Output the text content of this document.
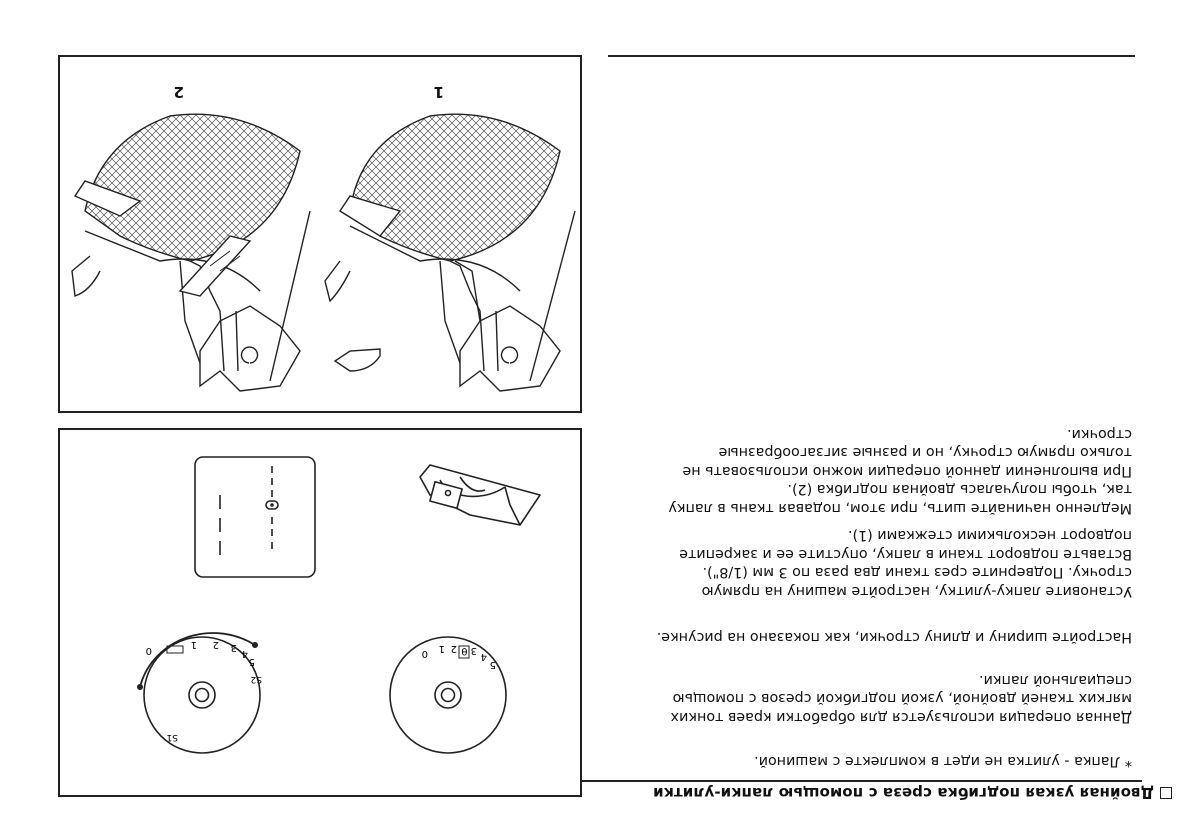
Двойная узкая подгибка среза с помощью лапки-улитки
* Лапка - улитка не идет в комплекте с машиной.
Данная операция используется для обработки краев тонких
мягких тканей двойной, узкой подгибкой срезов с помощью
специальной лапки.
Настройте ширину и длину строчки, как показано на рисунке.
Установите лапку-улитку, настройте машину на прямую
строчку. Подверните срез ткани два раза по 3 мм (1/8").
Вставьте подворот ткани в лапку, опустите ее и закрепите
подворот несколькими стежками (1).
Медленно начинайте шить, при этом, подавая ткань в лапку
так, чтобы получалась двойная подгибка (2).
При выполнении данной операции можно использовать не
только прямую строчку, но и разные зигзагообразные
строчки.
5
4
3
θ
2
1
0
5
4
3
2
1
0
S2
S1
1
2
